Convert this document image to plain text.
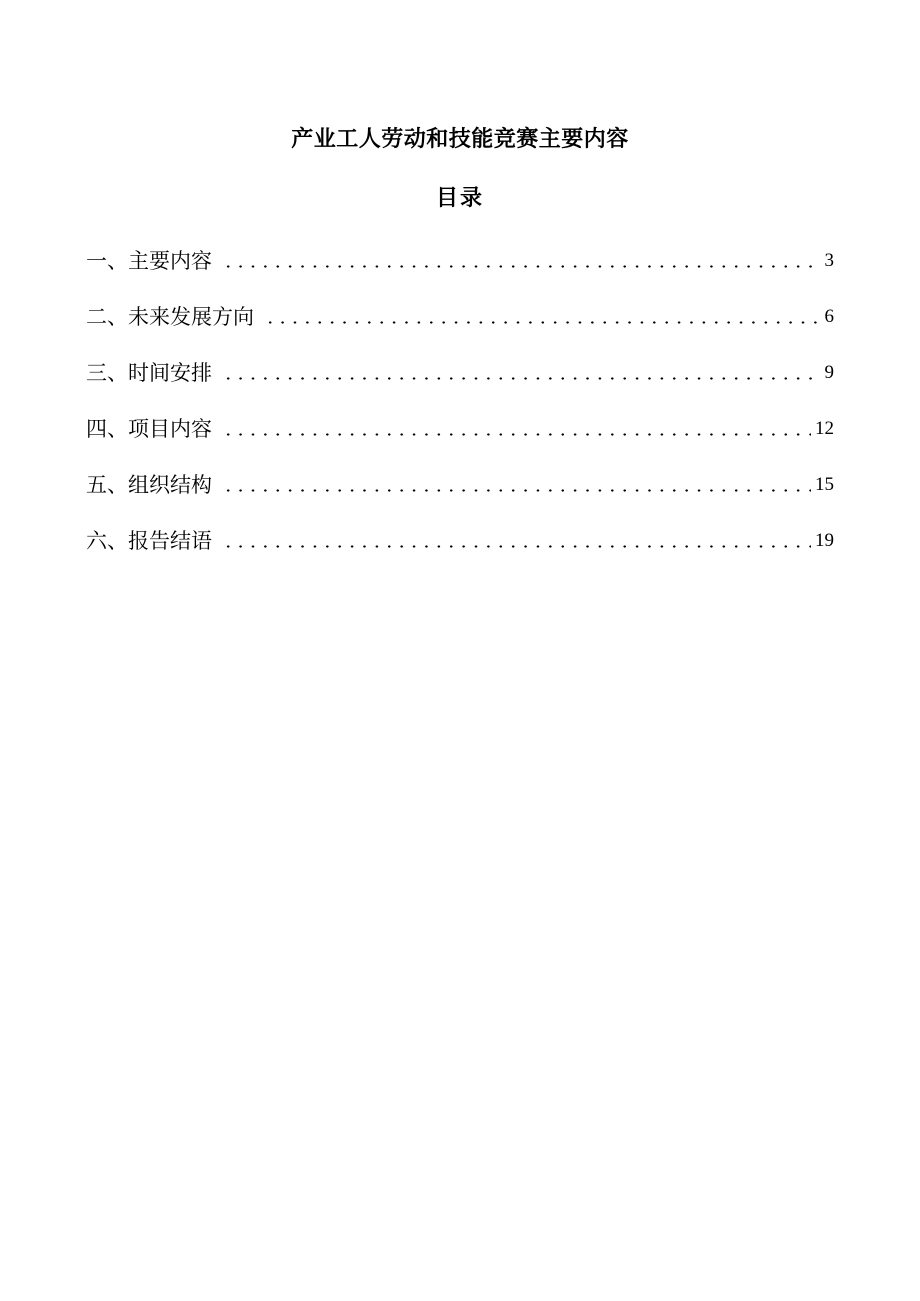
产业工人劳动和技能竞赛主要内容
目录
一、主要内容	3
二、未来发展方向	6
三、时间安排	9
四、项目内容	12
五、组织结构	15
六、报告结语	19
